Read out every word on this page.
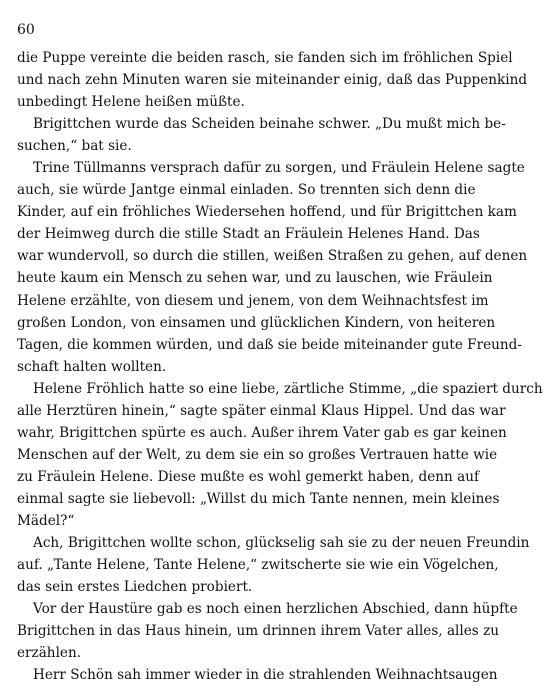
60
die Puppe vereinte die beiden rasch, sie fanden sich im fröhlichen Spiel
und nach zehn Minuten waren sie miteinander einig, daß das Puppenkind
unbedingt Helene heißen müßte.
Brigittchen wurde das Scheiden beinahe schwer. „Du mußt mich be-
suchen,“ bat sie.
Trine Tüllmanns versprach dafür zu sorgen, und Fräulein Helene sagte
auch, sie würde Jantge einmal einladen. So trennten sich denn die
Kinder, auf ein fröhliches Wiedersehen hoffend, und für Brigittchen kam
der Heimweg durch die stille Stadt an Fräulein Helenes Hand. Das
war wundervoll, so durch die stillen, weißen Straßen zu gehen, auf denen
heute kaum ein Mensch zu sehen war, und zu lauschen, wie Fräulein
Helene erzählte, von diesem und jenem, von dem Weihnachtsfest im
großen London, von einsamen und glücklichen Kindern, von heiteren
Tagen, die kommen würden, und daß sie beide miteinander gute Freund-
schaft halten wollten.
Helene Fröhlich hatte so eine liebe, zärtliche Stimme, „die spaziert durch
alle Herztüren hinein,“ sagte später einmal Klaus Hippel. Und das war
wahr, Brigittchen spürte es auch. Außer ihrem Vater gab es gar keinen
Menschen auf der Welt, zu dem sie ein so großes Vertrauen hatte wie
zu Fräulein Helene. Diese mußte es wohl gemerkt haben, denn auf
einmal sagte sie liebevoll: „Willst du mich Tante nennen, mein kleines
Mädel?“
Ach, Brigittchen wollte schon, glückselig sah sie zu der neuen Freundin
auf. „Tante Helene, Tante Helene,“ zwitscherte sie wie ein Vögelchen,
das sein erstes Liedchen probiert.
Vor der Haustüre gab es noch einen herzlichen Abschied, dann hüpfte
Brigittchen in das Haus hinein, um drinnen ihrem Vater alles, alles zu
erzählen.
Herr Schön sah immer wieder in die strahlenden Weihnachtsaugen
